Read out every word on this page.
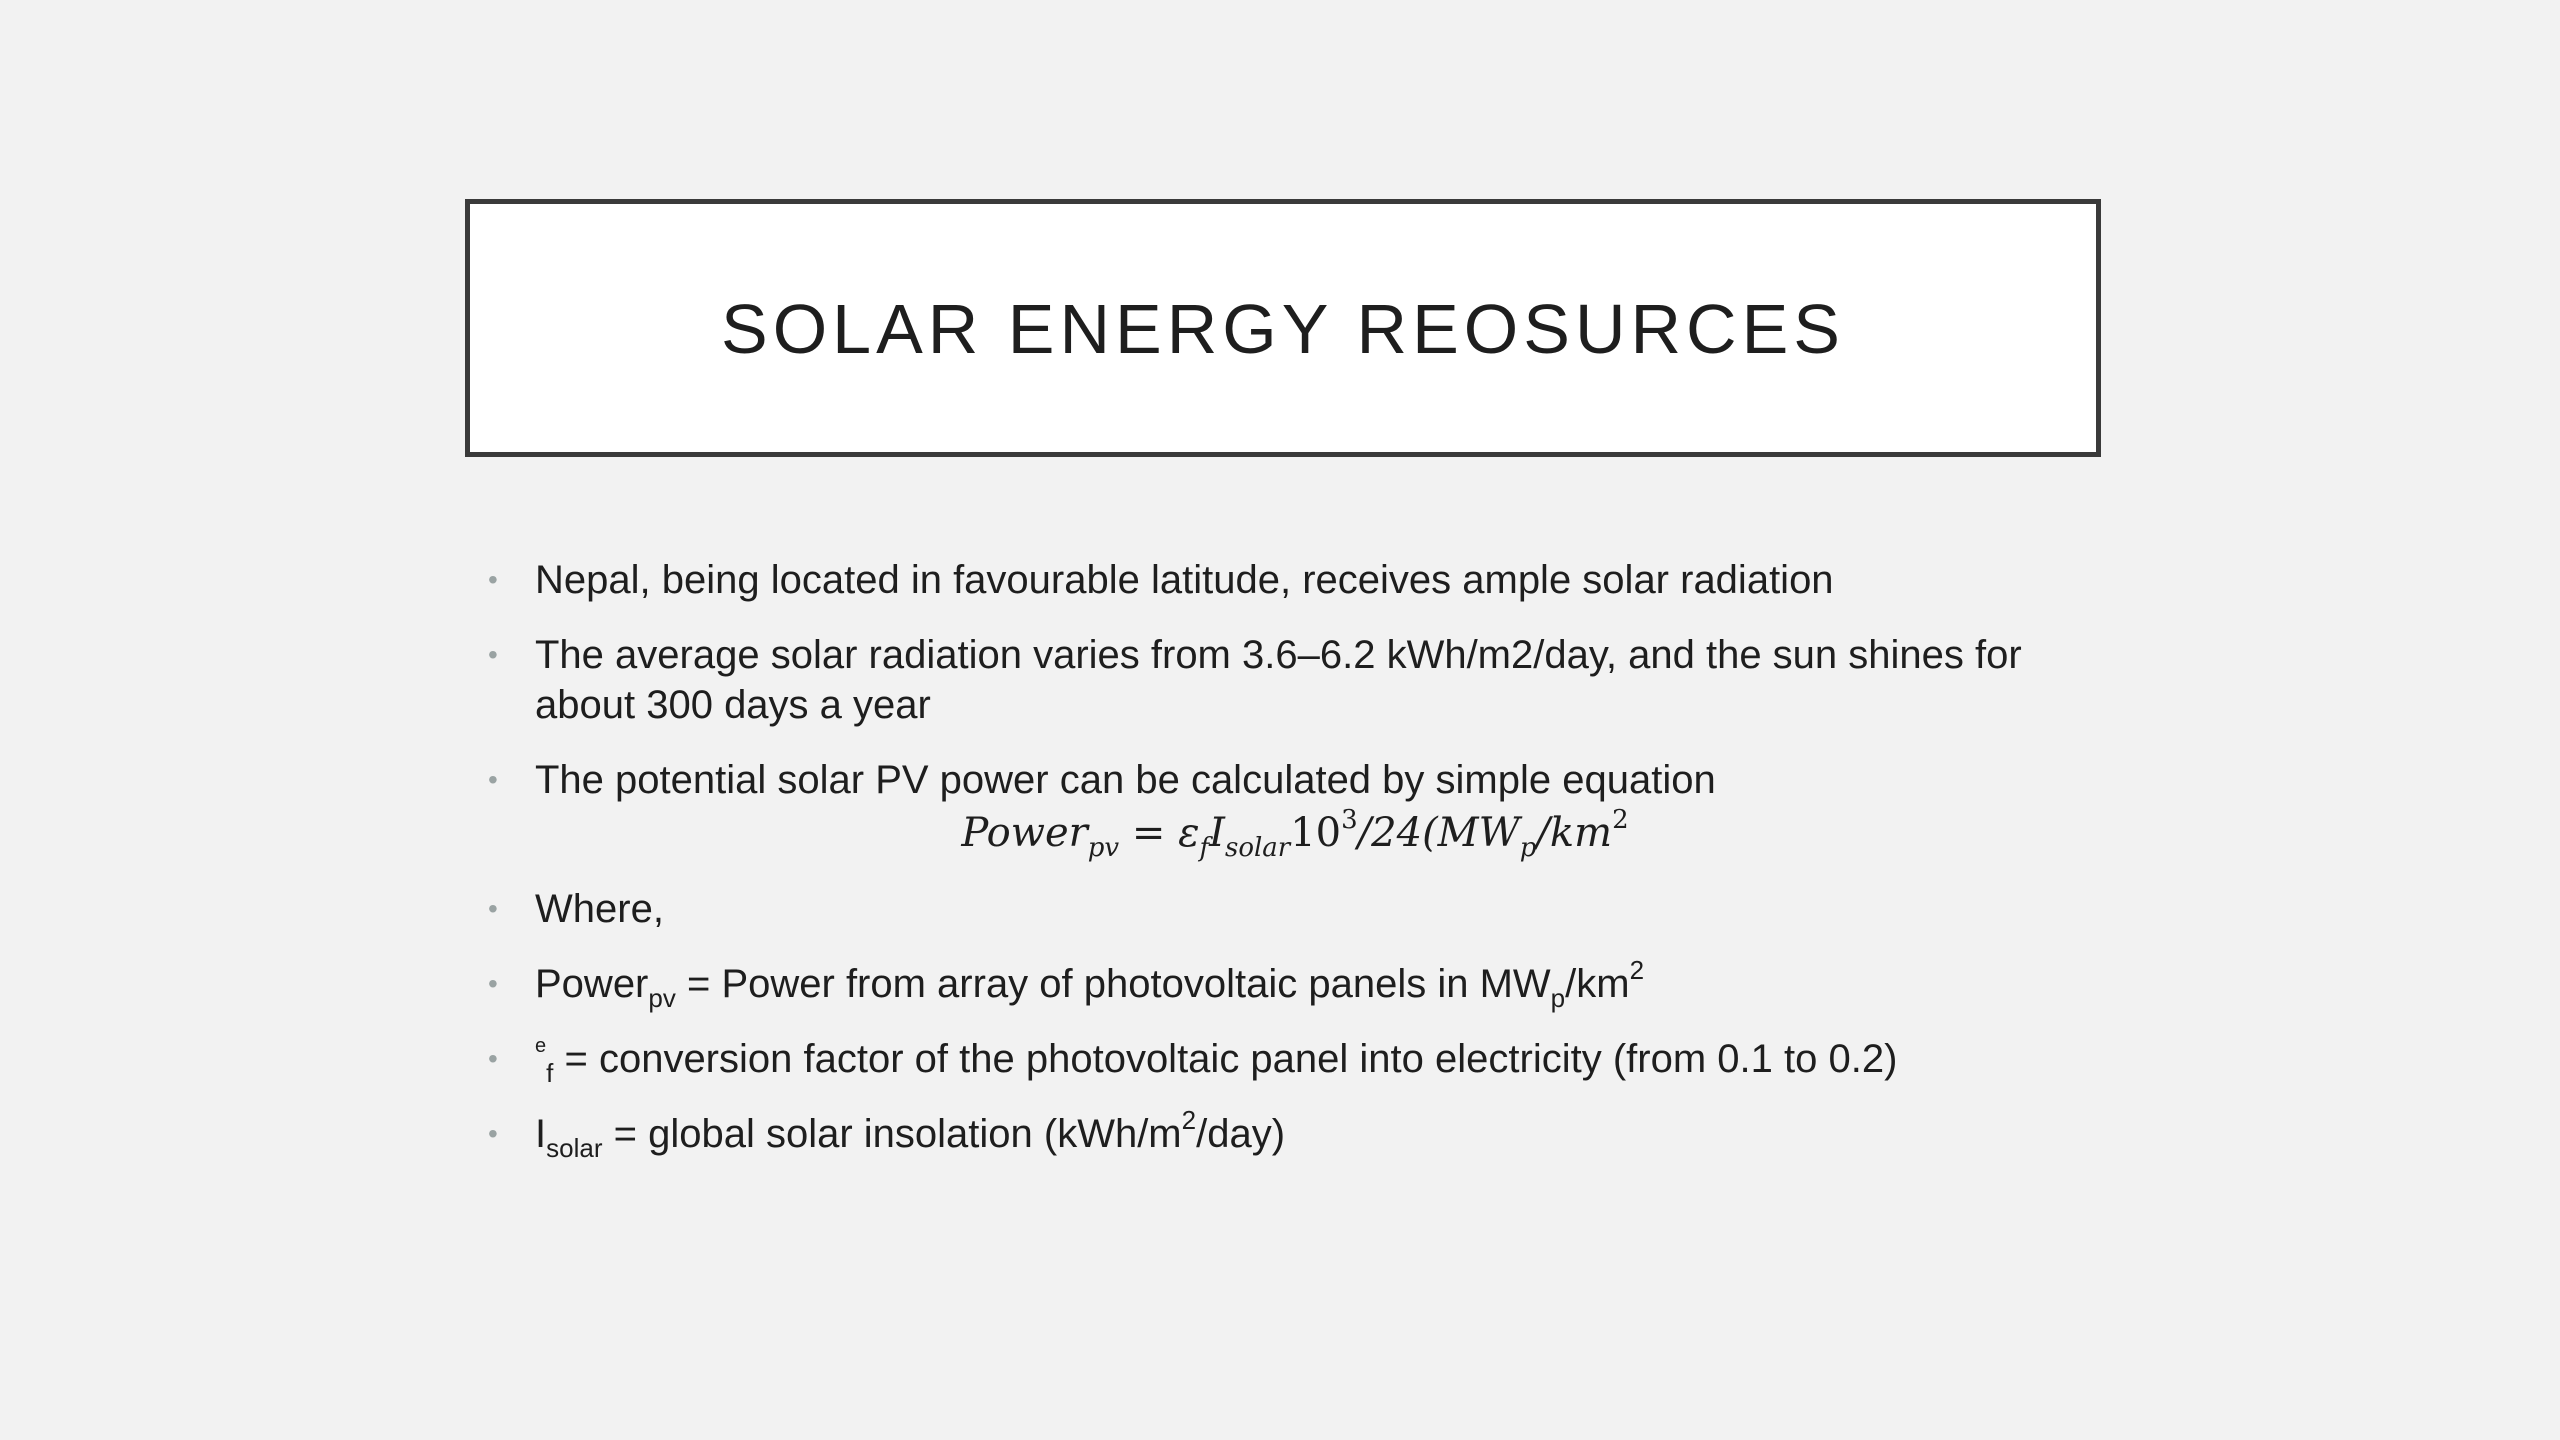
SOLAR ENERGY REOSURCES
• Nepal, being located in favourable latitude, receives ample solar radiation
• The average solar radiation varies from 3.6–6.2 kWh/m2/day, and the sun shines for about 300 days a year
• The potential solar PV power can be calculated by simple equation
Power$_{pv}$ = $\varepsilon_fI_{solar}10^3/24(MW_p/km^2$
• Where,
• Power$_{pv}$ = Power from array of photovoltaic panels in $MW_p/km^2$
• $^e_f$ = conversion factor of the photovoltaic panel into electricity (from 0.1 to 0.2)
• $I_{solar}$ = global solar insolation $(kWh/m^2/day)$
